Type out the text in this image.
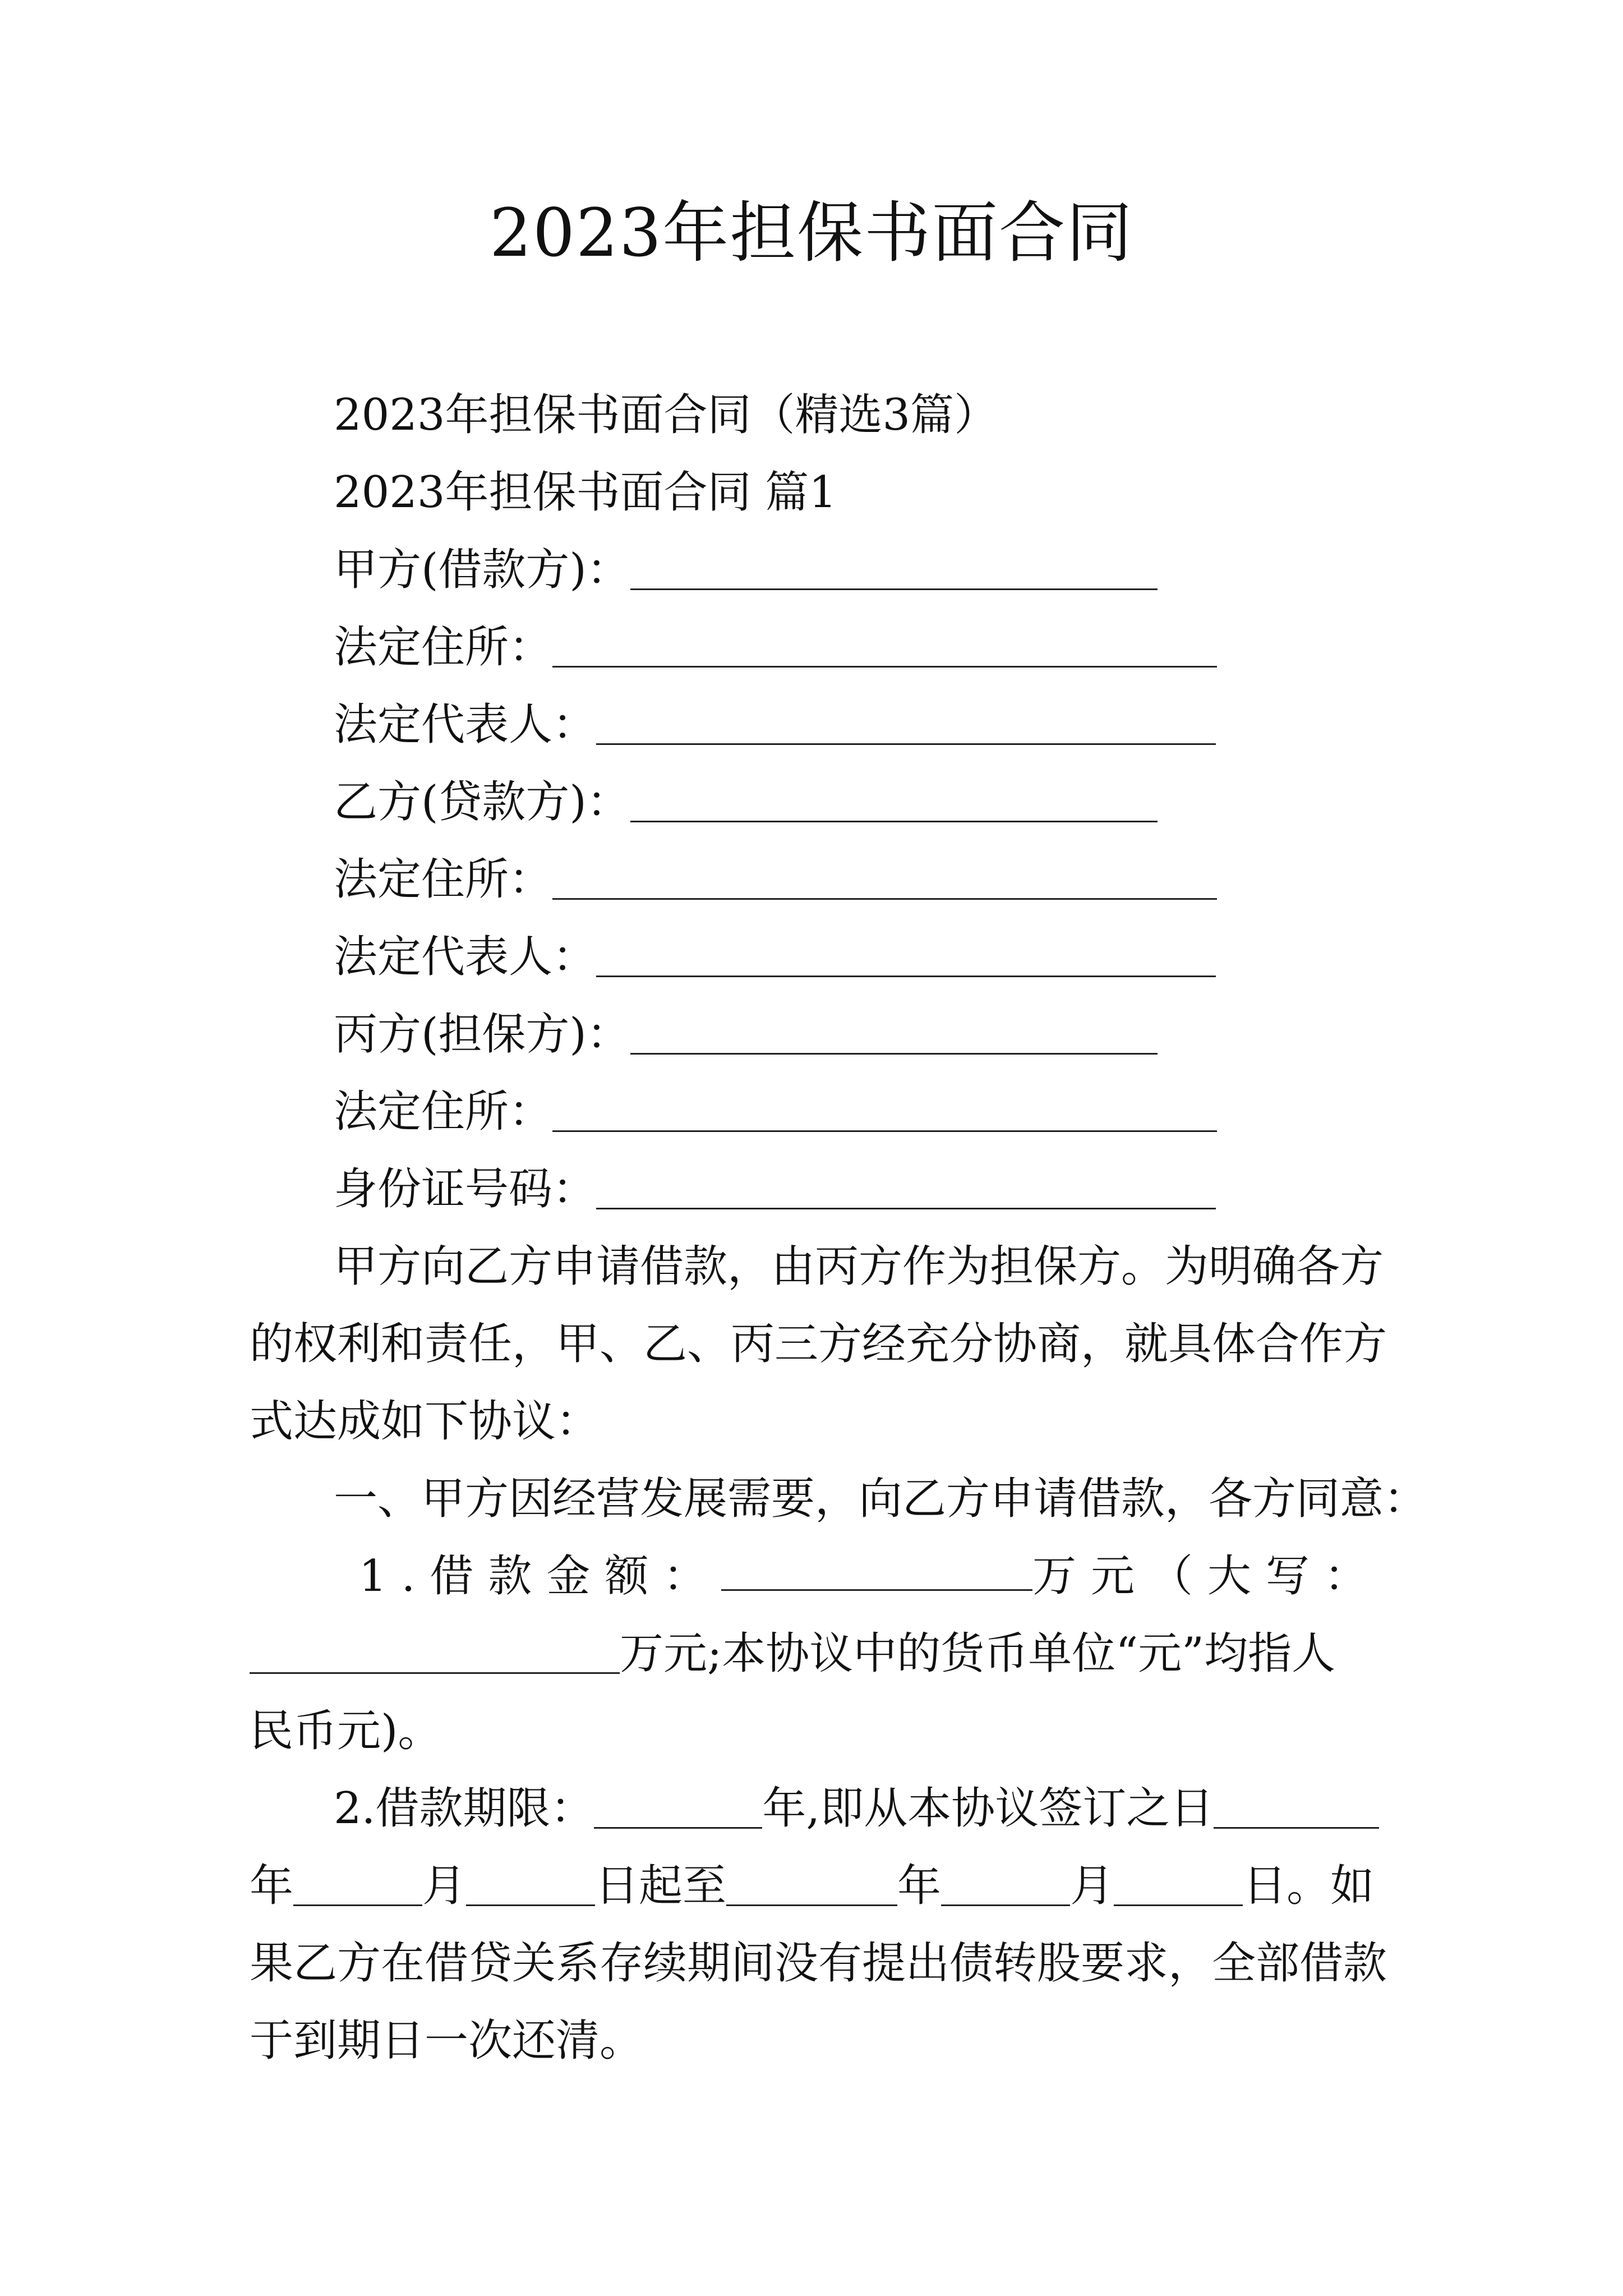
2023年担保书面合同
2023年担保书面合同（精选3篇）
2023年担保书面合同 篇1
甲方(借款方)：
法定住所：
法定代表人：
乙方(贷款方)：
法定住所：
法定代表人：
丙方(担保方)：
法定住所：
身份证号码：
甲方向乙方申请借款，由丙方作为担保方。为明确各方
的权利和责任，甲、乙、丙三方经充分协商，就具体合作方
式达成如下协议：
一、甲方因经营发展需要，向乙方申请借款，各方同意：
1.借款金额：	万元（大写：
万元;本协议中的货币单位“元”均指人
民币元)。
2.借款期限：	年,即从本协议签订之日
年	月	日起至	年	月	日。如
果乙方在借贷关系存续期间没有提出债转股要求，全部借款
于到期日一次还清。
